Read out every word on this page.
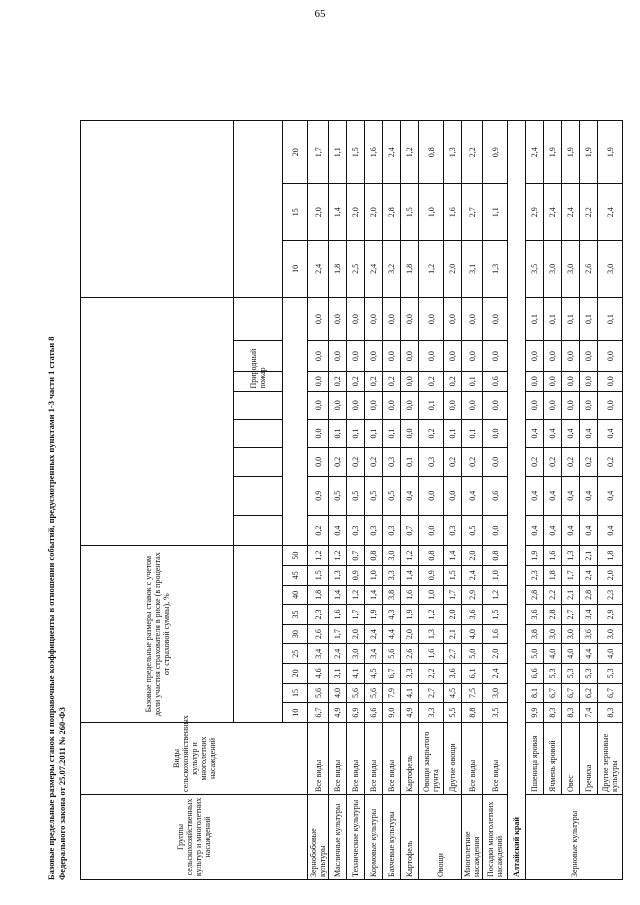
65
Базовые предельные размеры ставок и поправочные коэффициенты в отношении событий, предусмотренных пунктами 1-3 части 1 статьи 8 Федерального закона от 25.07.2011 № 260-ФЗ	Группы сельскохозяйственных культур и многолетних насаждений	Виды сельскохозяйственных культур и многолетних насаждений	Базовые предельные размеры ставок с учетом доли участия страхователя в риске (в процентах от страховой суммы), %																			
																Природный пожар					
		10	15	20	25	30	35	40	45	50									10	15	20
Зернобобовые культуры	Все виды	6,7	5,6	4,6	3,4	2,6	2,3	1,8	1,5	1,2	0,2	0,9	0,0	0,0	0,0	0,0	0,0	0,0	2,4	2,0	1,7
Масличные культуры	Все виды	4,9	4,0	3,1	2,4	1,7	1,6	1,4	1,3	1,2	0,4	0,5	0,2	0,1	0,0	0,2	0,0	0,0	1,8	1,4	1,1
Технические культуры	Все виды	6,9	5,6	4,1	3,0	2,0	1,7	1,2	0,9	0,7	0,3	0,5	0,2	0,1	0,0	0,2	0,0	0,0	2,5	2,0	1,5
Кормовые культуры	Все виды	6,6	5,6	4,5	3,4	2,4	1,9	1,4	1,0	0,8	0,3	0,5	0,2	0,1	0,0	0,2	0,0	0,0	2,4	2,0	1,6
Бахчевые культуры	Все виды	9,0	7,9	6,7	5,6	4,4	4,3	3,8	3,3	3,0	0,3	0,5	0,3	0,1	0,0	0,2	0,0	0,0	3,2	2,8	2,4
Картофель	Картофель	4,9	4,1	3,3	2,6	2,0	1,9	1,6	1,4	1,2	0,7	0,4	0,1	0,0	0,0	0,0	0,0	0,0	1,8	1,5	1,2
Овощи	Овощи закрытого грунта	3,3	2,7	2,2	1,6	1,3	1,2	1,0	0,9	0,8	0,0	0,0	0,3	0,2	0,1	0,2	0,0	0,0	1,2	1,0	0,8
	Другие овощи	5,5	4,5	3,6	2,7	2,1	2,0	1,7	1,5	1,4	0,3	0,0	0,2	0,1	0,0	0,2	0,0	0,0	2,0	1,6	1,3
Многолетние насаждения	Все виды	8,8	7,5	6,1	5,0	4,0	3,6	2,9	2,4	2,0	0,5	0,4	0,2	0,1	0,0	0,1	0,0	0,0	3,1	2,7	2,2
Посадки многолетних насаждений	Все виды	3,5	3,0	2,4	2,0	1,6	1,5	1,2	1,0	0,8	0,0	0,6	0,0	0,0	0,0	0,6	0,0	0,0	1,3	1,1	0,9
Алтайский край																					
Зерновые культуры	Пшеница яровая	9,9	8,1	6,6	5,0	3,8	3,6	2,8	2,3	1,9	0,4	0,4	0,2	0,4	0,0	0,0	0,0	0,1	3,5	2,9	2,4
	Ячмень яровой	8,3	6,7	5,3	4,0	3,0	2,8	2,2	1,8	1,6	0,4	0,4	0,2	0,4	0,0	0,0	0,0	0,1	3,0	2,4	1,9
	Овес	8,3	6,7	5,3	4,0	3,0	2,7	2,1	1,7	1,3	0,4	0,4	0,2	0,4	0,0	0,0	0,0	0,1	3,0	2,4	1,9
	Гречиха	7,4	6,2	5,3	4,4	3,6	3,4	2,8	2,4	2,1	0,4	0,4	0,2	0,4	0,0	0,0	0,0	0,1	2,6	2,2	1,9
	Другие зерновые культуры	8,3	6,7	5,3	4,0	3,0	2,9	2,3	2,0	1,8	0,4	0,4	0,2	0,4	0,0	0,0	0,0	0,1	3,0	2,4	1,9
